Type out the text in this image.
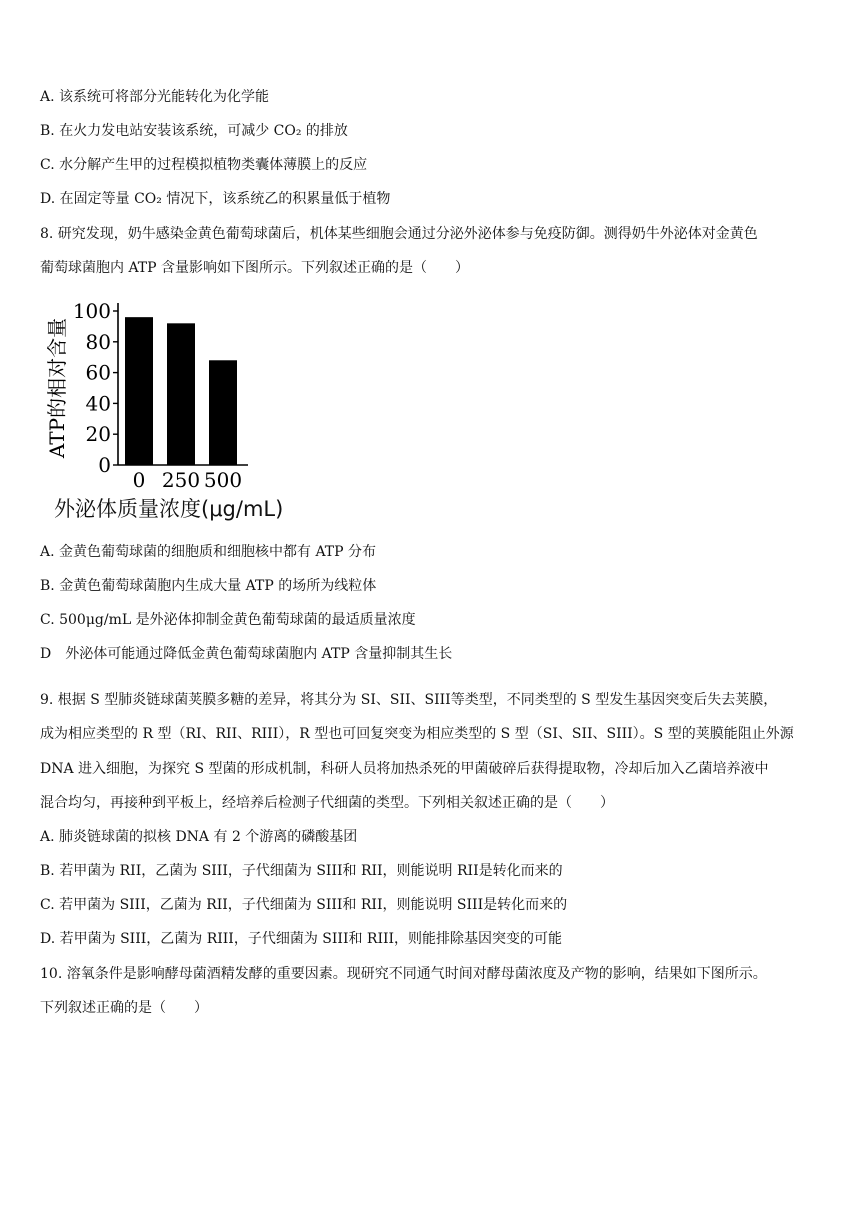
A. 该系统可将部分光能转化为化学能
B. 在火力发电站安装该系统，可减少 CO₂ 的排放
C. 水分解产生甲的过程模拟植物类囊体薄膜上的反应
D. 在固定等量 CO₂ 情况下，该系统乙的积累量低于植物
8. 研究发现，奶牛感染金黄色葡萄球菌后，机体某些细胞会通过分泌外泌体参与免疫防御。测得奶牛外泌体对金黄色
葡萄球菌胞内 ATP 含量影响如下图所示。下列叙述正确的是（　　）
ATP的相对含量
0
20
40
60
80
100
0 250 500
外泌体质量浓度(μg/mL)
A. 金黄色葡萄球菌的细胞质和细胞核中都有 ATP 分布
B. 金黄色葡萄球菌胞内生成大量 ATP 的场所为线粒体
C. 500μg/mL 是外泌体抑制金黄色葡萄球菌的最适质量浓度
D　外泌体可能通过降低金黄色葡萄球菌胞内 ATP 含量抑制其生长
9. 根据 S 型肺炎链球菌荚膜多糖的差异，将其分为 SI、SII、SIII等类型，不同类型的 S 型发生基因突变后失去荚膜，
成为相应类型的 R 型（RI、RII、RIII），R 型也可回复突变为相应类型的 S 型（SI、SII、SIII）。S 型的荚膜能阻止外源
DNA 进入细胞，为探究 S 型菌的形成机制，科研人员将加热杀死的甲菌破碎后获得提取物，冷却后加入乙菌培养液中
混合均匀，再接种到平板上，经培养后检测子代细菌的类型。下列相关叙述正确的是（　　）
A. 肺炎链球菌的拟核 DNA 有 2 个游离的磷酸基团
B. 若甲菌为 RII，乙菌为 SIII，子代细菌为 SIII和 RII，则能说明 RII是转化而来的
C. 若甲菌为 SIII，乙菌为 RII，子代细菌为 SIII和 RII，则能说明 SIII是转化而来的
D. 若甲菌为 SIII，乙菌为 RIII，子代细菌为 SIII和 RIII，则能排除基因突变的可能
10. 溶氧条件是影响酵母菌酒精发酵的重要因素。现研究不同通气时间对酵母菌浓度及产物的影响，结果如下图所示。
下列叙述正确的是（　　）
